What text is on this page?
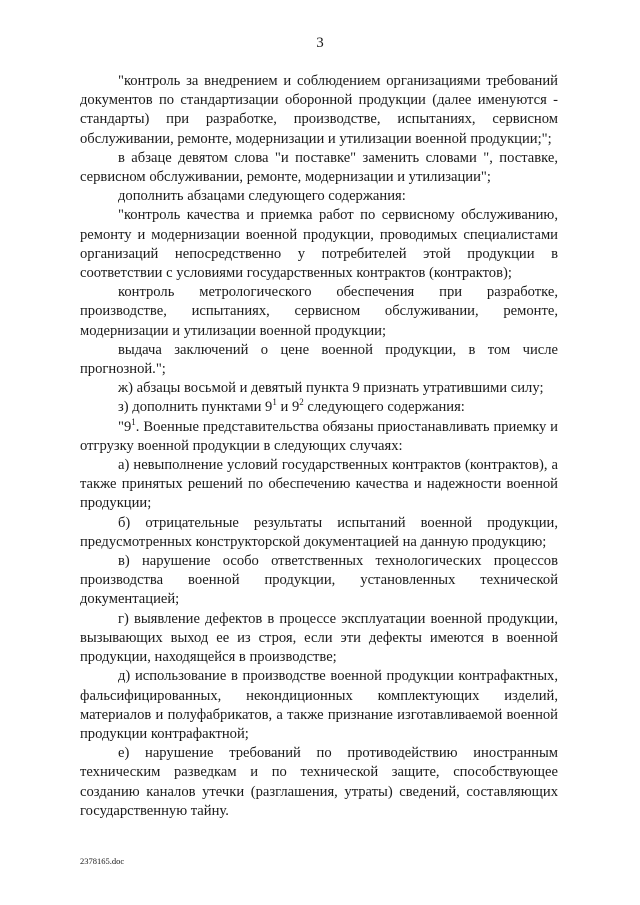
3

"контроль за внедрением и соблюдением организациями требований документов по стандартизации оборонной продукции (далее именуются - стандарты) при разработке, производстве, испытаниях, сервисном обслуживании, ремонте, модернизации и утилизации военной продукции;";

в абзаце девятом слова "и поставке" заменить словами ", поставке, сервисном обслуживании, ремонте, модернизации и утилизации";

дополнить абзацами следующего содержания:

"контроль качества и приемка работ по сервисному обслуживанию, ремонту и модернизации военной продукции, проводимых специалистами организаций непосредственно у потребителей этой продукции в соответствии с условиями государственных контрактов (контрактов);

контроль метрологического обеспечения при разработке, производстве, испытаниях, сервисном обслуживании, ремонте, модернизации и утилизации военной продукции;

выдача заключений о цене военной продукции, в том числе прогнозной.";

ж) абзацы восьмой и девятый пункта 9 признать утратившими силу;

з) дополнить пунктами $9^1$ и $9^2$ следующего содержания:

"$9^1$. Военные представительства обязаны приостанавливать приемку и отгрузку военной продукции в следующих случаях:

а) невыполнение условий государственных контрактов (контрактов), а также принятых решений по обеспечению качества и надежности военной продукции;

б) отрицательные результаты испытаний военной продукции, предусмотренных конструкторской документацией на данную продукцию;

в) нарушение особо ответственных технологических процессов производства военной продукции, установленных технической документацией;

г) выявление дефектов в процессе эксплуатации военной продукции, вызывающих выход ее из строя, если эти дефекты имеются в военной продукции, находящейся в производстве;

д) использование в производстве военной продукции контрафактных, фальсифицированных, некондиционных комплектующих изделий, материалов и полуфабрикатов, а также признание изготавливаемой военной продукции контрафактной;

е) нарушение требований по противодействию иностранным техническим разведкам и по технической защите, способствующее созданию каналов утечки (разглашения, утраты) сведений, составляющих государственную тайну.

2378165.doc
